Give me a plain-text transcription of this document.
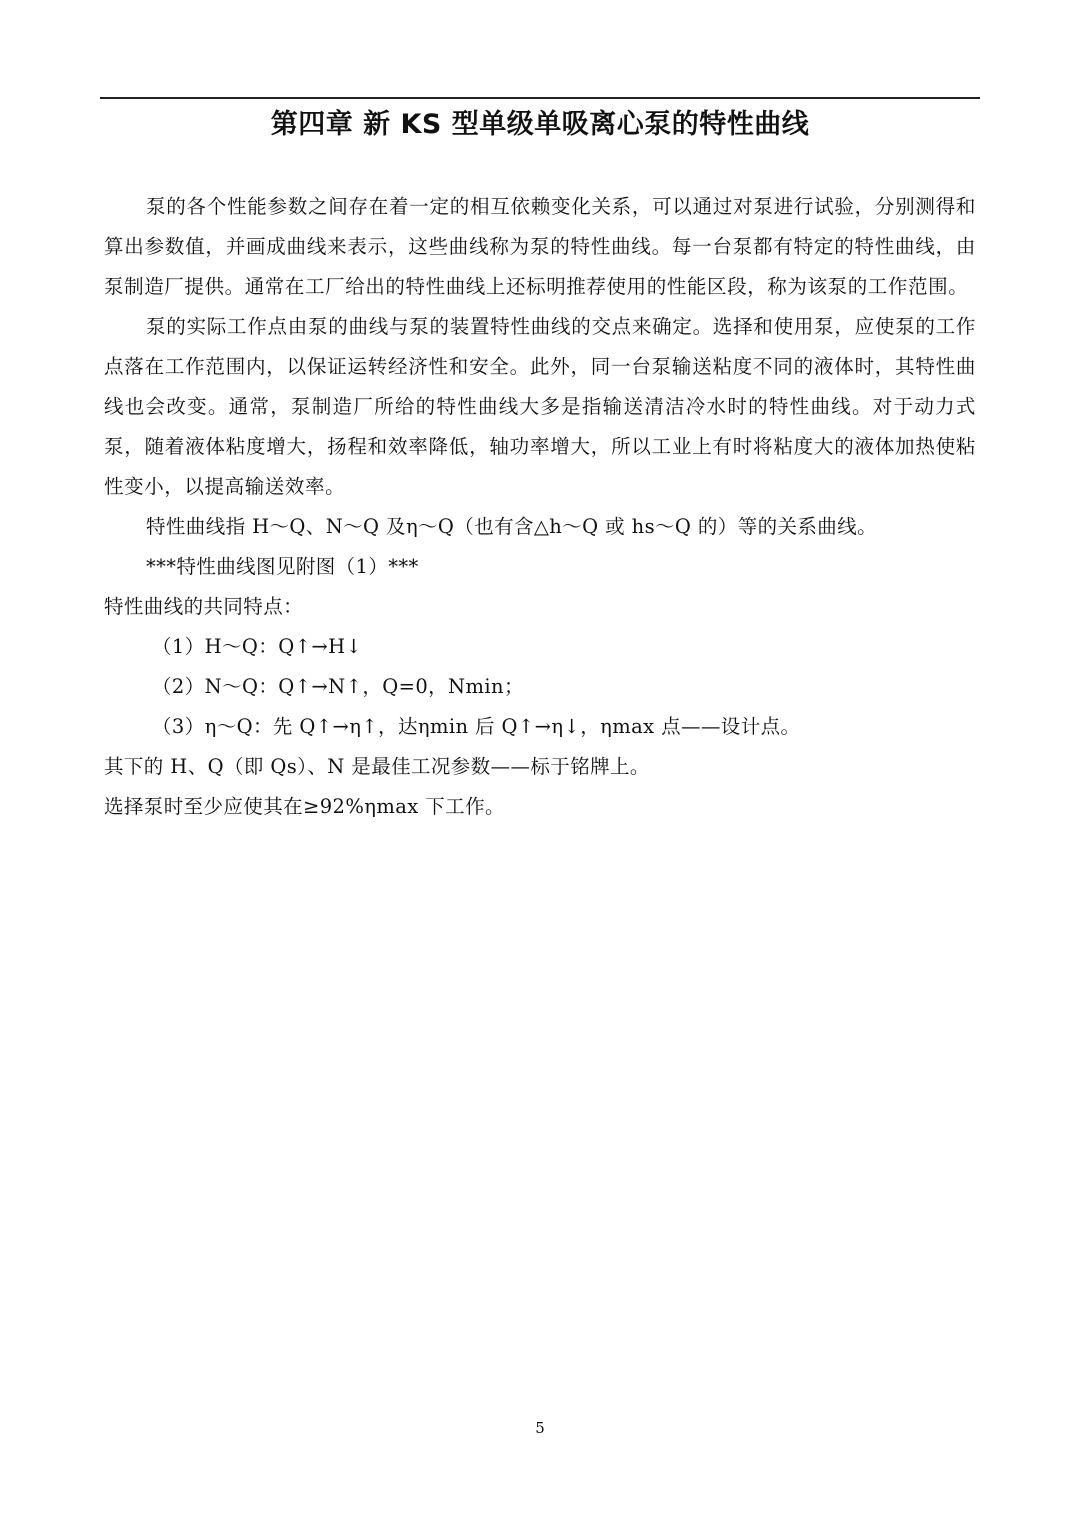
第四章 新 KS 型单级单吸离心泵的特性曲线

泵的各个性能参数之间存在着一定的相互依赖变化关系，可以通过对泵进行试验，分别测得和算出参数值，并画成曲线来表示，这些曲线称为泵的特性曲线。每一台泵都有特定的特性曲线，由泵制造厂提供。通常在工厂给出的特性曲线上还标明推荐使用的性能区段，称为该泵的工作范围。

泵的实际工作点由泵的曲线与泵的装置特性曲线的交点来确定。选择和使用泵，应使泵的工作点落在工作范围内，以保证运转经济性和安全。此外，同一台泵输送粘度不同的液体时，其特性曲线也会改变。通常，泵制造厂所给的特性曲线大多是指输送清洁冷水时的特性曲线。对于动力式泵，随着液体粘度增大，扬程和效率降低，轴功率增大，所以工业上有时将粘度大的液体加热使粘性变小，以提高输送效率。

特性曲线指 H～Q、N～Q 及η～Q（也有含△h～Q 或 hs～Q 的）等的关系曲线。

***特性曲线图见附图（1）***

特性曲线的共同特点：

（1）H～Q：Q↑→H↓

（2）N～Q：Q↑→N↑，Q=0，Nmin；

（3）η～Q：先 Q↑→η↑，达ηmin 后 Q↑→η↓，ηmax 点——设计点。

其下的 H、Q（即 Qs）、N 是最佳工况参数——标于铭牌上。

选择泵时至少应使其在≥92%ηmax 下工作。

5
